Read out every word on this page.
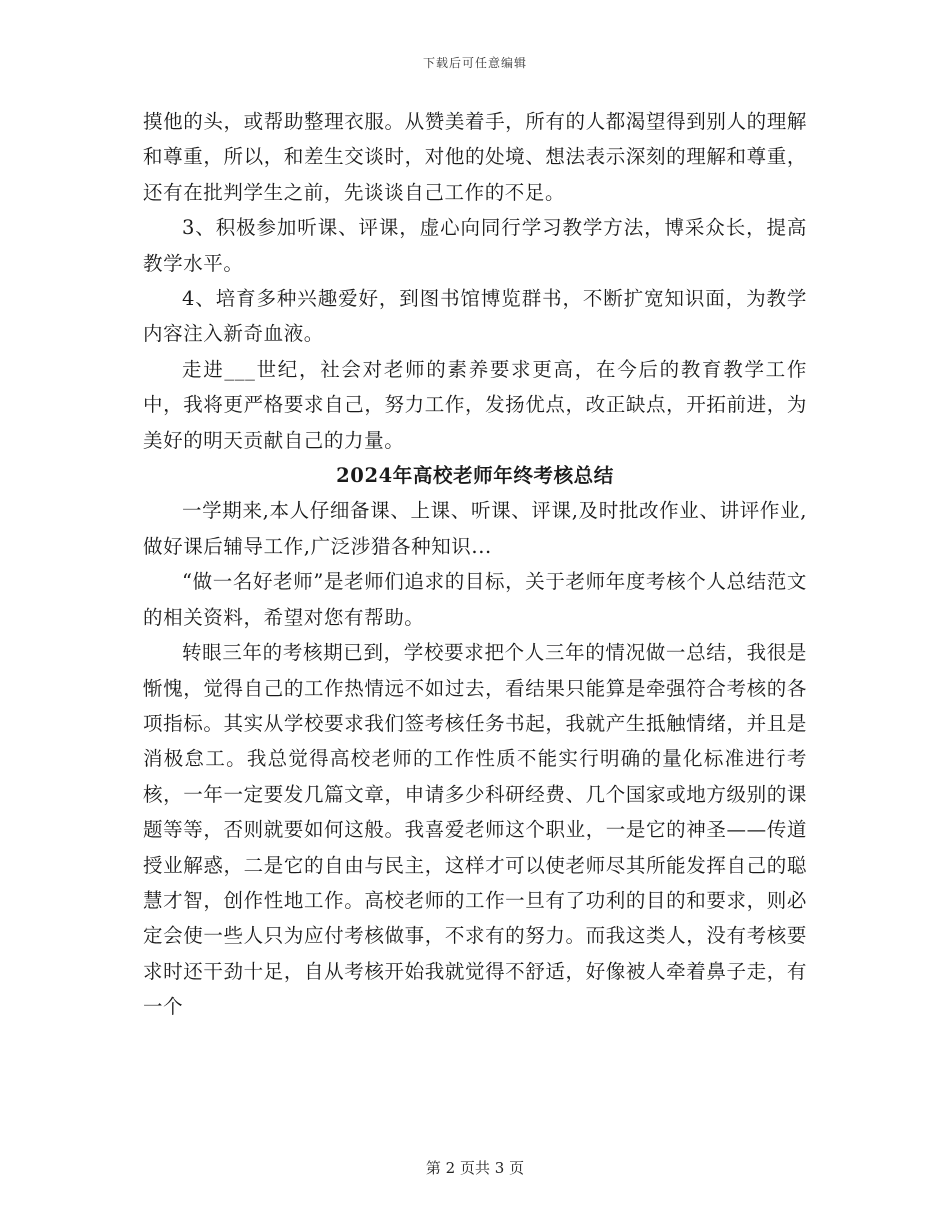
下载后可任意编辑

摸他的头，或帮助整理衣服。从赞美着手，所有的人都渴望得到别人的理解和尊重，所以，和差生交谈时，对他的处境、想法表示深刻的理解和尊重，还有在批判学生之前，先谈谈自己工作的不足。

3、积极参加听课、评课，虚心向同行学习教学方法，博采众长，提高教学水平。

4、培育多种兴趣爱好，到图书馆博览群书，不断扩宽知识面，为教学内容注入新奇血液。

走进___世纪，社会对老师的素养要求更高，在今后的教育教学工作中，我将更严格要求自己，努力工作，发扬优点，改正缺点，开拓前进，为美好的明天贡献自己的力量。

2024年高校老师年终考核总结

一学期来,本人仔细备课、上课、听课、评课,及时批改作业、讲评作业,做好课后辅导工作,广泛涉猎各种知识...

“做一名好老师”是老师们追求的目标，关于老师年度考核个人总结范文的相关资料，希望对您有帮助。

转眼三年的考核期已到，学校要求把个人三年的情况做一总结，我很是惭愧，觉得自己的工作热情远不如过去，看结果只能算是牵强符合考核的各项指标。其实从学校要求我们签考核任务书起，我就产生抵触情绪，并且是消极怠工。我总觉得高校老师的工作性质不能实行明确的量化标准进行考核，一年一定要发几篇文章，申请多少科研经费、几个国家或地方级别的课题等等，否则就要如何这般。我喜爱老师这个职业，一是它的神圣——传道授业解惑，二是它的自由与民主，这样才可以使老师尽其所能发挥自己的聪慧才智，创作性地工作。高校老师的工作一旦有了功利的目的和要求，则必定会使一些人只为应付考核做事，不求有的努力。而我这类人，没有考核要求时还干劲十足，自从考核开始我就觉得不舒适，好像被人牵着鼻子走，有一个

第 2 页共 3 页
